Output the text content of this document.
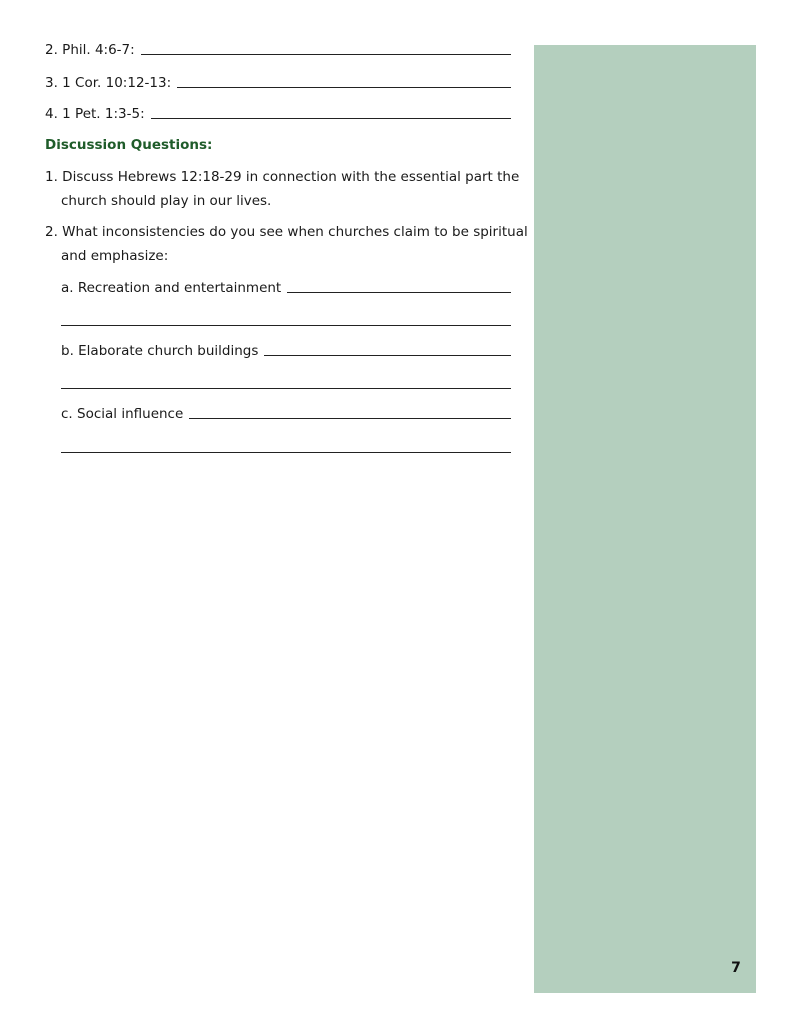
2. Phil. 4:6-7:
3. 1 Cor. 10:12-13:
4. 1 Pet. 1:3-5:
Discussion Questions:
1. Discuss Hebrews 12:18-29 in connection with the essential part the church should play in our lives.
2. What inconsistencies do you see when churches claim to be spiritual and emphasize:
a. Recreation and entertainment
b. Elaborate church buildings
c. Social influence
7
